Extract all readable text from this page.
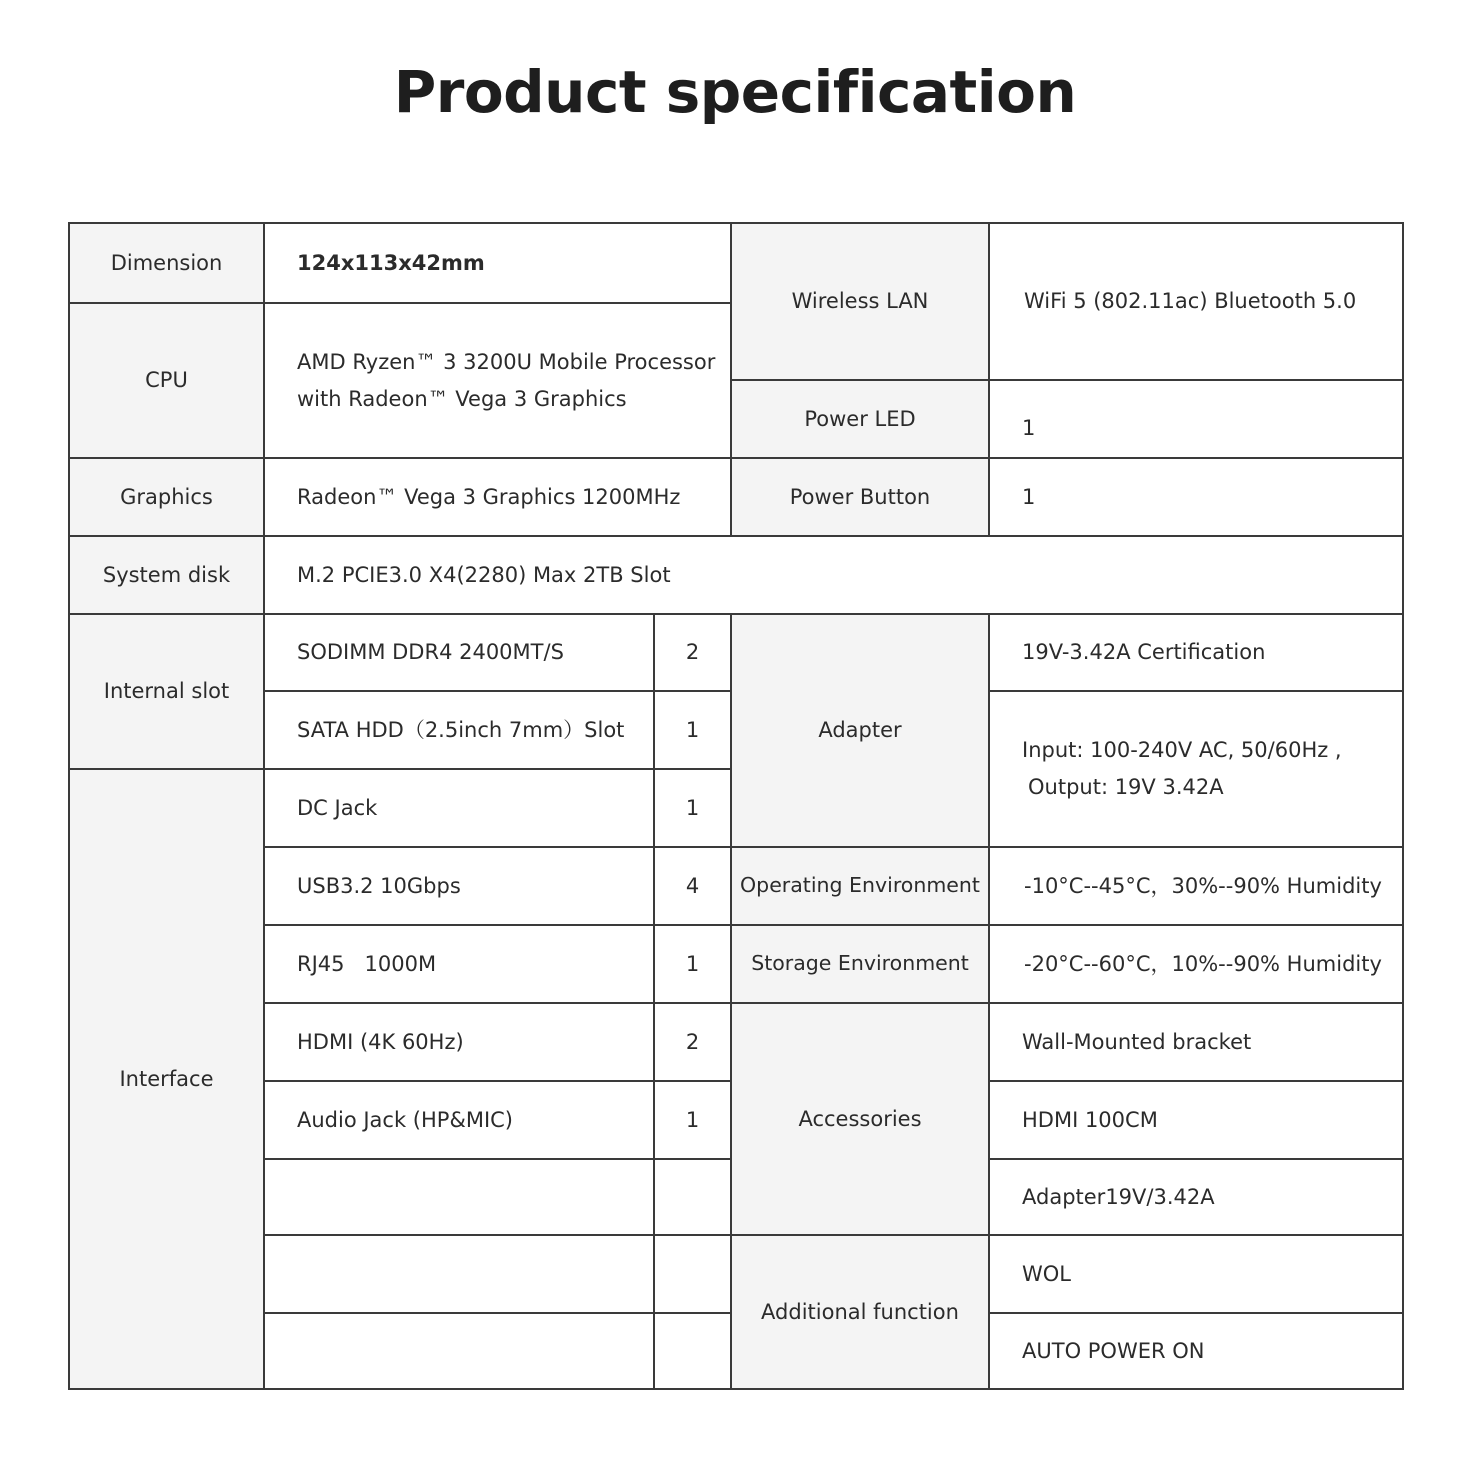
Product specification
Dimension	124x113x42mm		Wireless LAN	WiFi 5 (802.11ac) Bluetooth 5.0
CPU	AMD Ryzen™ 3 3200U Mobile Processor
with Radeon™ Vega 3 Graphics			

			Power LED	1
Graphics	Radeon™ Vega 3 Graphics 1200MHz		Power Button	1
System disk	M.2 PCIE3.0 X4(2280) Max 2TB Slot			
Internal slot	SODIMM DDR4 2400MT/S	2	Adapter	19V-3.42A Certification
	SATA HDD（2.5inch 7mm）Slot	1		Input: 100-240V AC, 50/60Hz ,
Output: 19V 3.42A

Interface	DC Jack	1		
	USB3.2 10Gbps	4	Operating Environment	-10°C--45°C，30%--90% Humidity
	RJ45   1000M	1	Storage Environment	-20°C--60°C，10%--90% Humidity
	HDMI (4K 60Hz)	2	Accessories	Wall-Mounted bracket
	Audio Jack (HP&MIC)	1		HDMI 100CM
				Adapter19V/3.42A
			Additional function	WOL
				AUTO POWER ON
